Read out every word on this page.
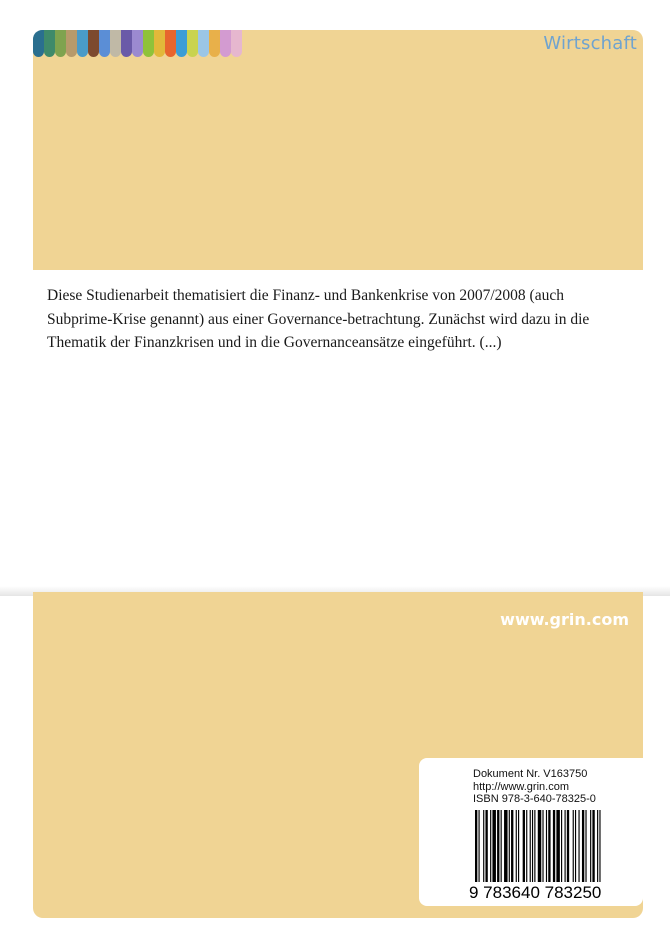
Wirtschaft
Diese Studienarbeit thematisiert die Finanz- und Bankenkrise von 2007/2008 (auch Subprime-Krise genannt) aus einer Governance-betrachtung. Zunächst wird dazu in die Thematik der Finanzkrisen und in die Governanceansätze eingeführt. (...)
www.grin.com
Dokument Nr. V163750
http://www.grin.com
ISBN 978-3-640-78325-0
9 783640 783250
